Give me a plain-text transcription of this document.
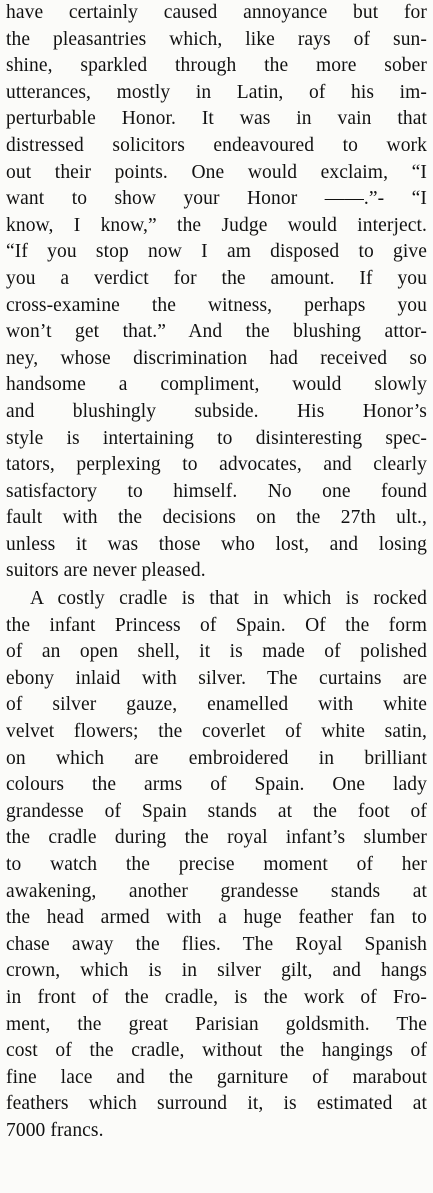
have certainly caused annoyance but for
the pleasantries which, like rays of sun-
shine, sparkled through the more sober
utterances, mostly in Latin, of his im-
perturbable Honor. It was in vain that
distressed solicitors endeavoured to work
out their points. One would exclaim, “I
want to show your Honor ——.”- “I
know, I know,” the Judge would interject.
“If you stop now I am disposed to give
you a verdict for the amount. If you
cross-examine the witness, perhaps you
won’t get that.” And the blushing attor-
ney, whose discrimination had received so
handsome a compliment, would slowly
and blushingly subside. His Honor’s
style is intertaining to disinteresting spec-
tators, perplexing to advocates, and clearly
satisfactory to himself. No one found
fault with the decisions on the 27th ult.,
unless it was those who lost, and losing
suitors are never pleased.
A costly cradle is that in which is rocked
the infant Princess of Spain. Of the form
of an open shell, it is made of polished
ebony inlaid with silver. The curtains are
of silver gauze, enamelled with white
velvet flowers; the coverlet of white satin,
on which are embroidered in brilliant
colours the arms of Spain. One lady
grandesse of Spain stands at the foot of
the cradle during the royal infant’s slumber
to watch the precise moment of her
awakening, another grandesse stands at
the head armed with a huge feather fan to
chase away the flies. The Royal Spanish
crown, which is in silver gilt, and hangs
in front of the cradle, is the work of Fro-
ment, the great Parisian goldsmith. The
cost of the cradle, without the hangings of
fine lace and the garniture of marabout
feathers which surround it, is estimated at
7000 francs.
